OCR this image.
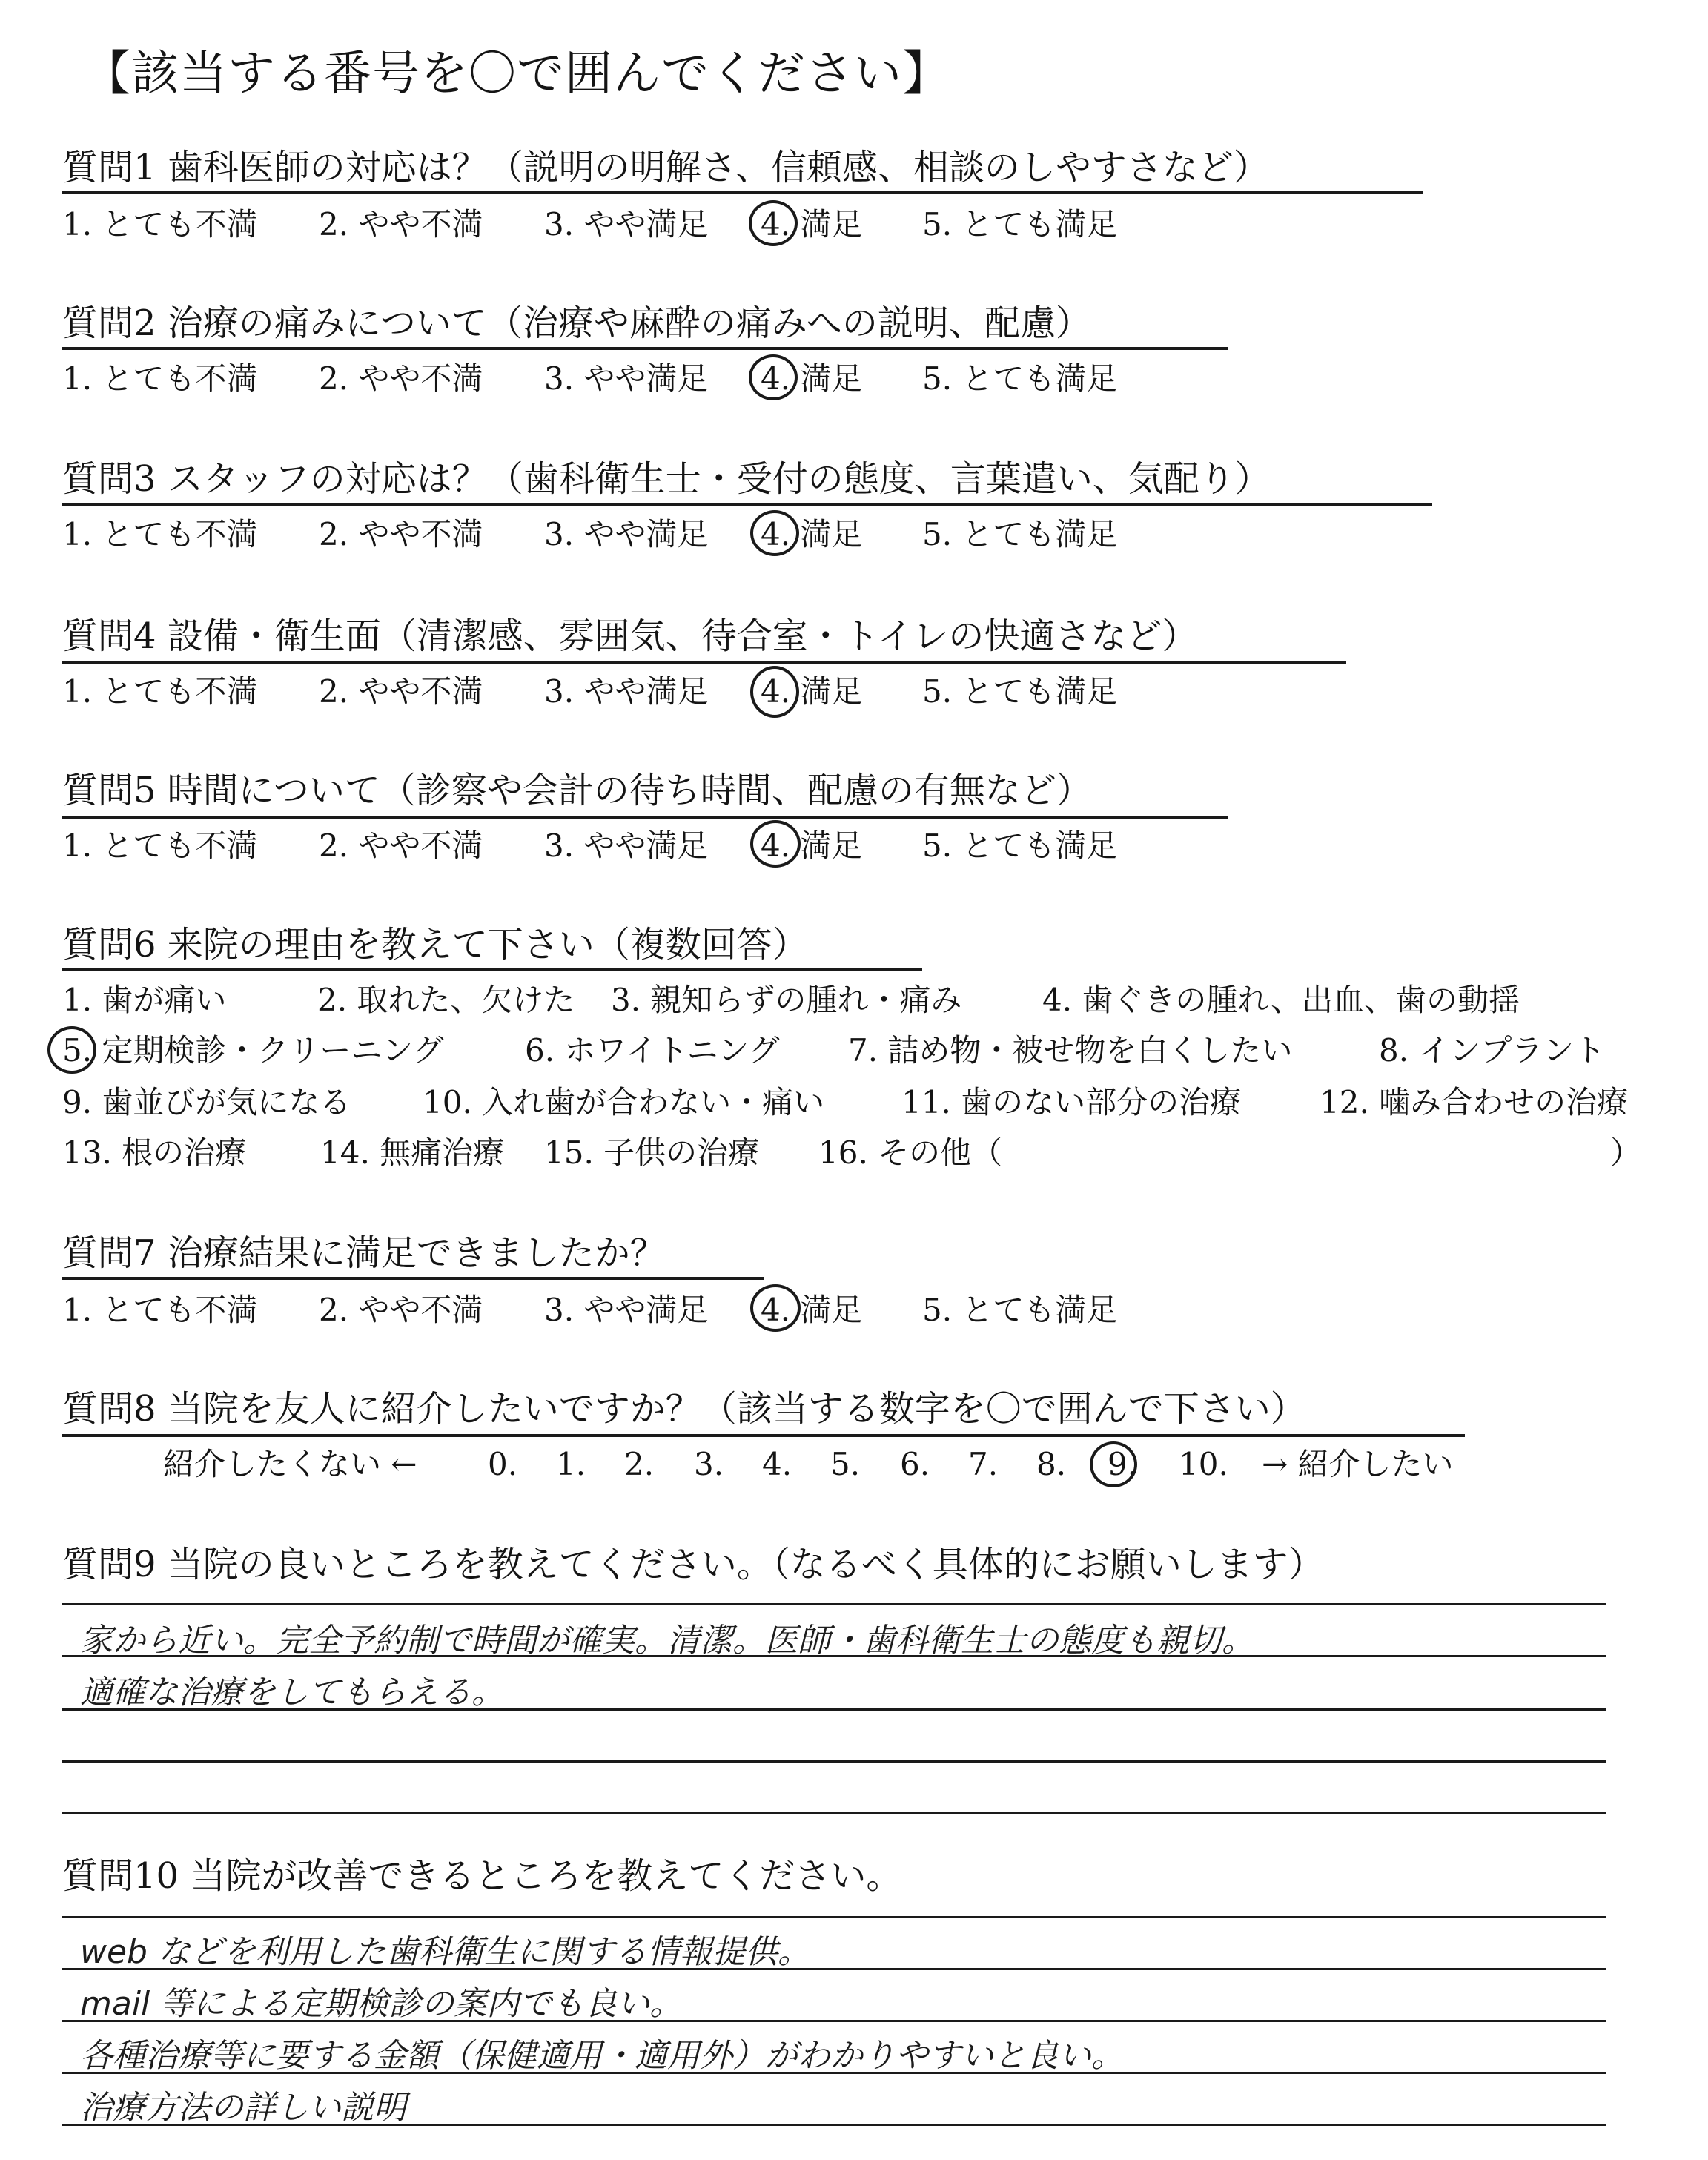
【該当する番号を〇で囲んでください】
質問1 歯科医師の対応は？（説明の明解さ、信頼感、相談のしやすさなど）
1. とても不満 2. やや不満 3. やや満足 4. 満足 5. とても満足
質問2 治療の痛みについて（治療や麻酔の痛みへの説明、配慮）
1. とても不満 2. やや不満 3. やや満足 4. 満足 5. とても満足
質問3 スタッフの対応は？（歯科衛生士・受付の態度、言葉遣い、気配り）
1. とても不満 2. やや不満 3. やや満足 4. 満足 5. とても満足
質問4 設備・衛生面（清潔感、雰囲気、待合室・トイレの快適さなど）
1. とても不満 2. やや不満 3. やや満足 4. 満足 5. とても満足
質問5 時間について（診察や会計の待ち時間、配慮の有無など）
1. とても不満 2. やや不満 3. やや満足 4. 満足 5. とても満足
質問6 来院の理由を教えて下さい（複数回答）
1. 歯が痛い	2. 取れた、欠けた 3. 親知らずの腫れ・痛み	4. 歯ぐきの腫れ、出血、歯の動揺
5. 定期検診・クリーニング	6. ホワイトニング 7. 詰め物・被せ物を白くしたい	8. インプラント
9. 歯並びが気になる 10. 入れ歯が合わない・痛い 11. 歯のない部分の治療	12. 噛み合わせの治療
13. 根の治療 14. 無痛治療 15. 子供の治療 16. その他（	）
質問7 治療結果に満足できましたか？
1. とても不満 2. やや不満 3. やや満足 4. 満足 5. とても満足
質問8 当院を友人に紹介したいですか？（該当する数字を〇で囲んで下さい）
紹介したくない ← 0. 1. 2. 3. 4. 5. 6. 7. 8. 9. 10. → 紹介したい
質問9 当院の良いところを教えてください。（なるべく具体的にお願いします）
家から近い。完全予約制で時間が確実。清潔。医師・歯科衛生士の態度も親切。
適確な治療をしてもらえる。
質問10 当院が改善できるところを教えてください。
web などを利用した歯科衛生に関する情報提供。
mail 等による定期検診の案内でも良い。
各種治療等に要する金額（保健適用・適用外）がわかりやすいと良い。
治療方法の詳しい説明
